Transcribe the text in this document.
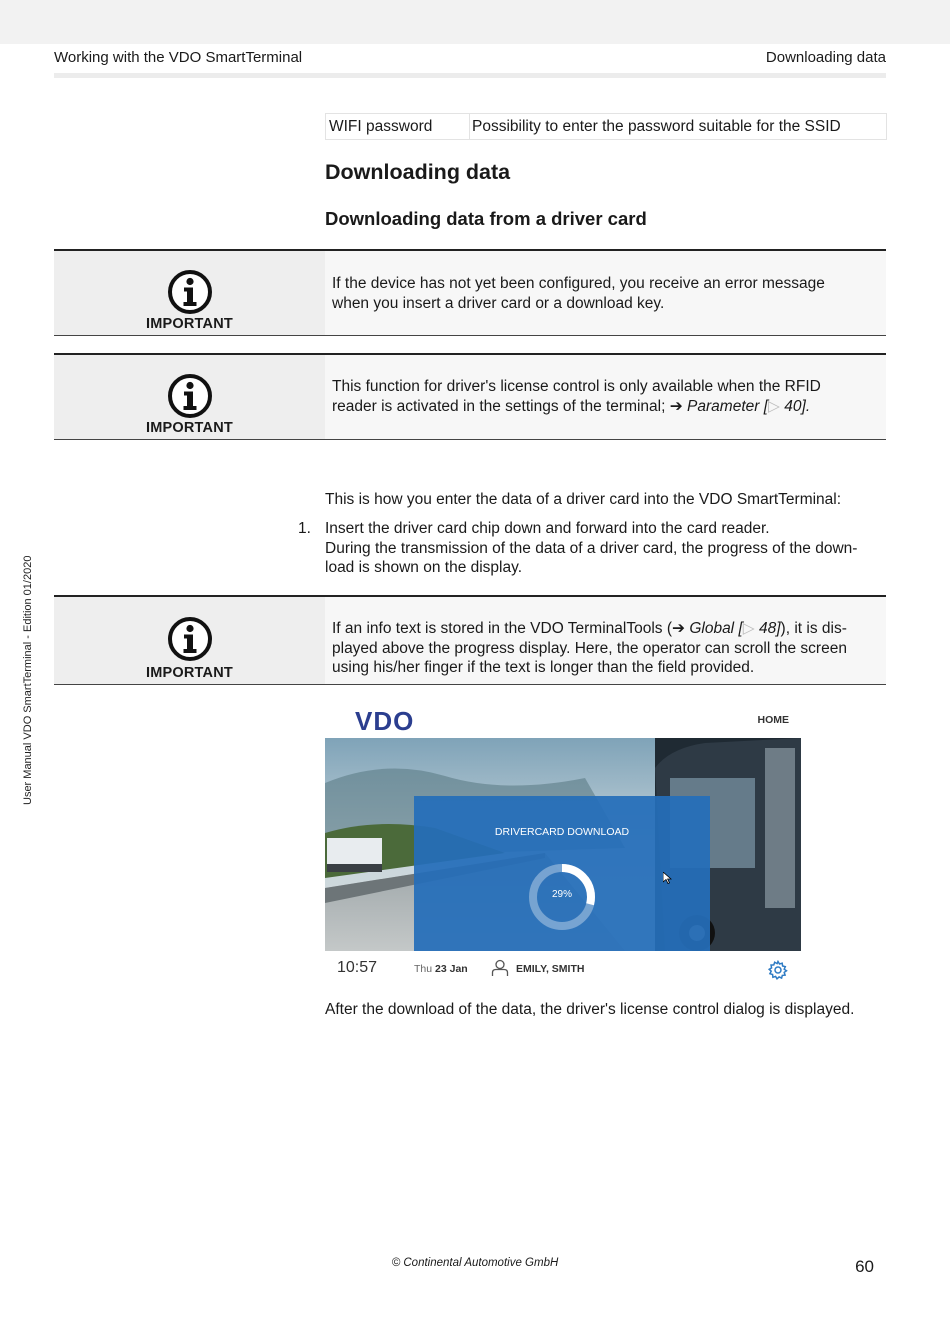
Working with the VDO SmartTerminal	Downloading data
User Manual VDO SmartTerminal - Edition 01/2020
WIFI password	Possibility to enter the password suitable for the SSID
Downloading data
Downloading data from a driver card
IMPORTANT
If the device has not yet been configured, you receive an error message when you insert a driver card or a download key.
IMPORTANT
This function for driver's license control is only available when the RFID reader is activated in the settings of the terminal; ➔ Parameter [▷ 40].
This is how you enter the data of a driver card into the VDO SmartTerminal:
1. Insert the driver card chip down and forward into the card reader.
During the transmission of the data of a driver card, the progress of the down-load is shown on the display.
IMPORTANT
If an info text is stored in the VDO TerminalTools (➔ Global [▷ 48]), it is dis-played above the progress display. Here, the operator can scroll the screen using his/her finger if the text is longer than the field provided.
VDO	HOME
DRIVERCARD DOWNLOAD
29%
10:57	Thu 23 Jan	EMILY, SMITH
After the download of the data, the driver's license control dialog is displayed.
© Continental Automotive GmbH	60
